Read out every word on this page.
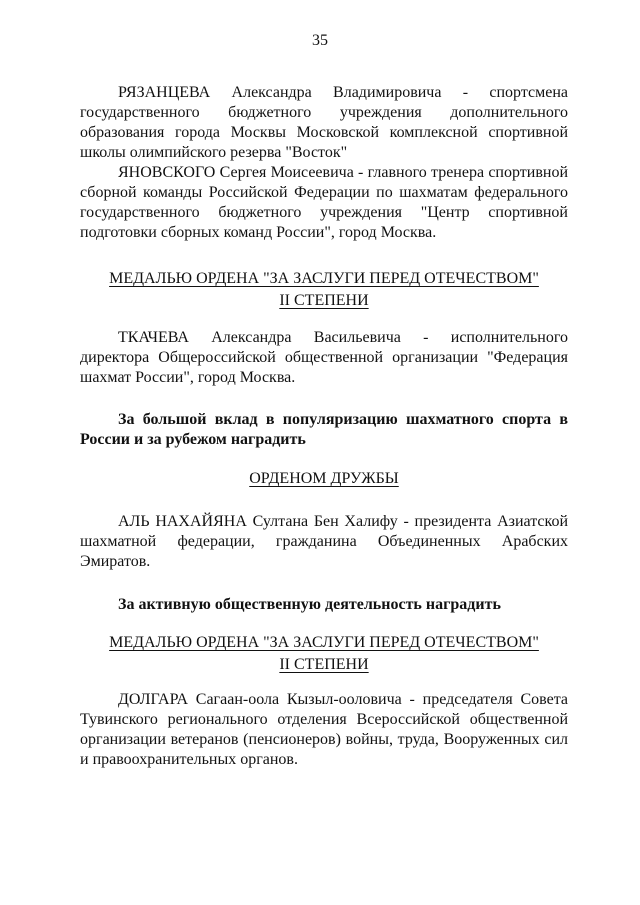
35

РЯЗАНЦЕВА Александра Владимировича - спортсмена государственного бюджетного учреждения дополнительного образования города Москвы Московской комплексной спортивной школы олимпийского резерва "Восток"

ЯНОВСКОГО Сергея Моисеевича - главного тренера спортивной сборной команды Российской Федерации по шахматам федерального государственного бюджетного учреждения "Центр спортивной подготовки сборных команд России", город Москва.

МЕДАЛЬЮ ОРДЕНА "ЗА ЗАСЛУГИ ПЕРЕД ОТЕЧЕСТВОМ"
II СТЕПЕНИ

ТКАЧЕВА Александра Васильевича - исполнительного директора Общероссийской общественной организации "Федерация шахмат России", город Москва.

За большой вклад в популяризацию шахматного спорта в России и за рубежом наградить

ОРДЕНОМ ДРУЖБЫ

АЛЬ НАХАЙЯНА Султана Бен Халифу - президента Азиатской шахматной федерации, гражданина Объединенных Арабских Эмиратов.

За активную общественную деятельность наградить

МЕДАЛЬЮ ОРДЕНА "ЗА ЗАСЛУГИ ПЕРЕД ОТЕЧЕСТВОМ"
II СТЕПЕНИ

ДОЛГАРА Сагаан-оола Кызыл-ооловича - председателя Совета Тувинского регионального отделения Всероссийской общественной организации ветеранов (пенсионеров) войны, труда, Вооруженных сил и правоохранительных органов.
